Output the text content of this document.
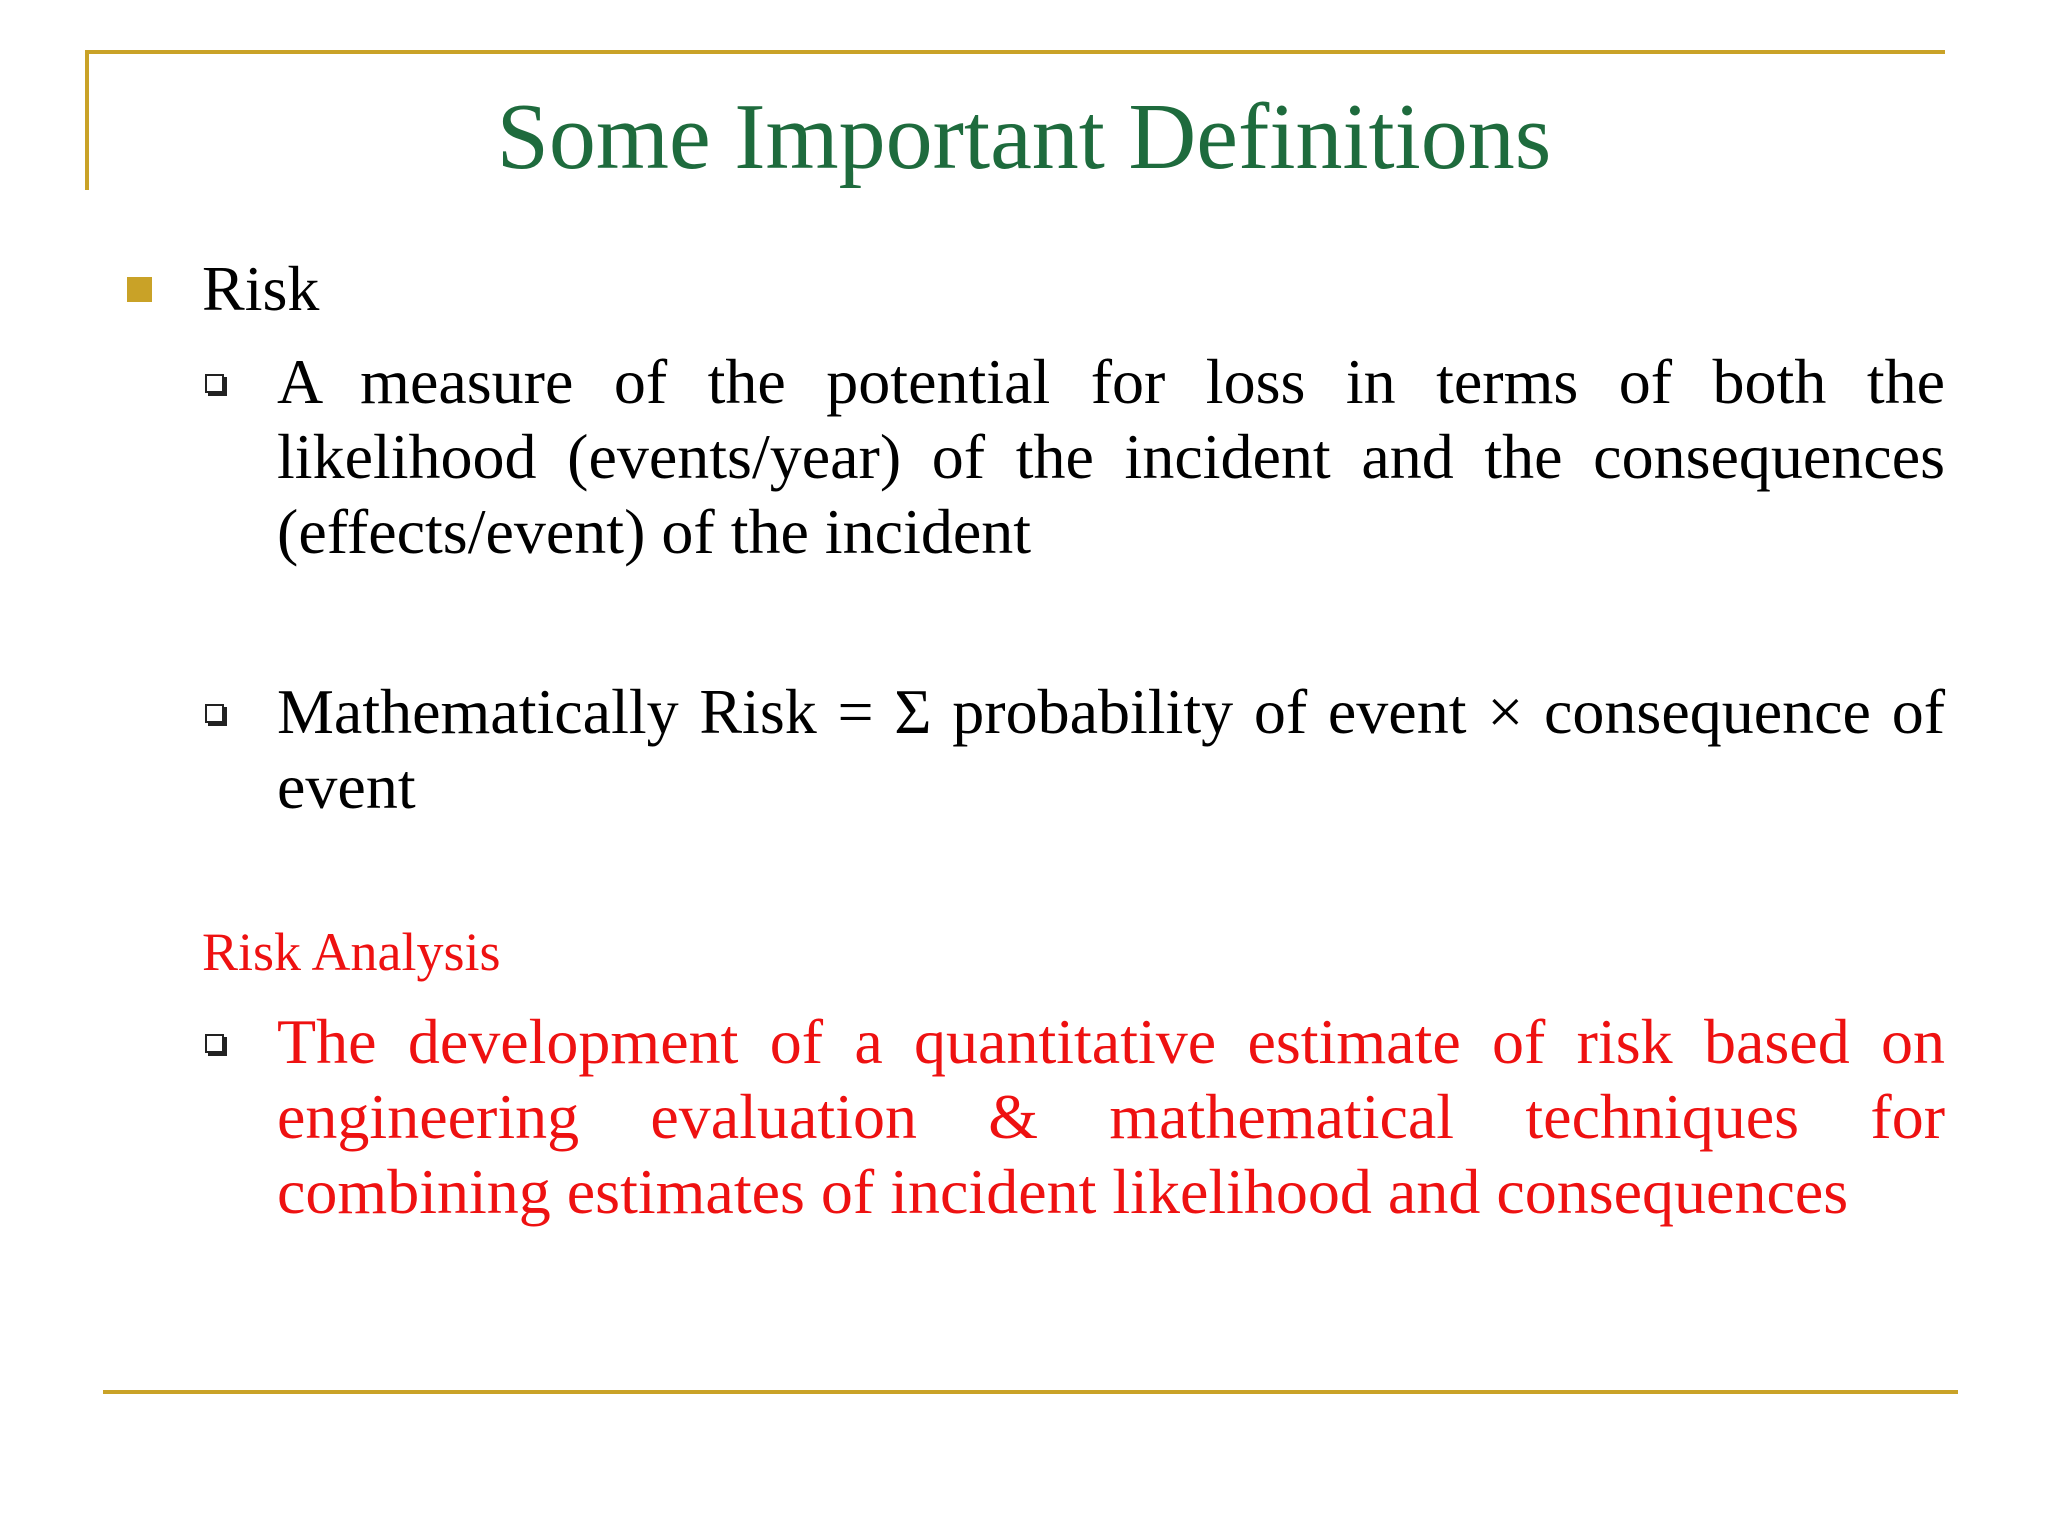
Some Important Definitions
Risk
A measure of the potential for loss in terms of both the likelihood (events/year) of the incident and the consequences (effects/event) of the incident
Mathematically Risk = Σ probability of event × consequence of event
Risk Analysis
The development of a quantitative estimate of risk based on engineering evaluation & mathematical techniques for combining estimates of incident likelihood and consequences
